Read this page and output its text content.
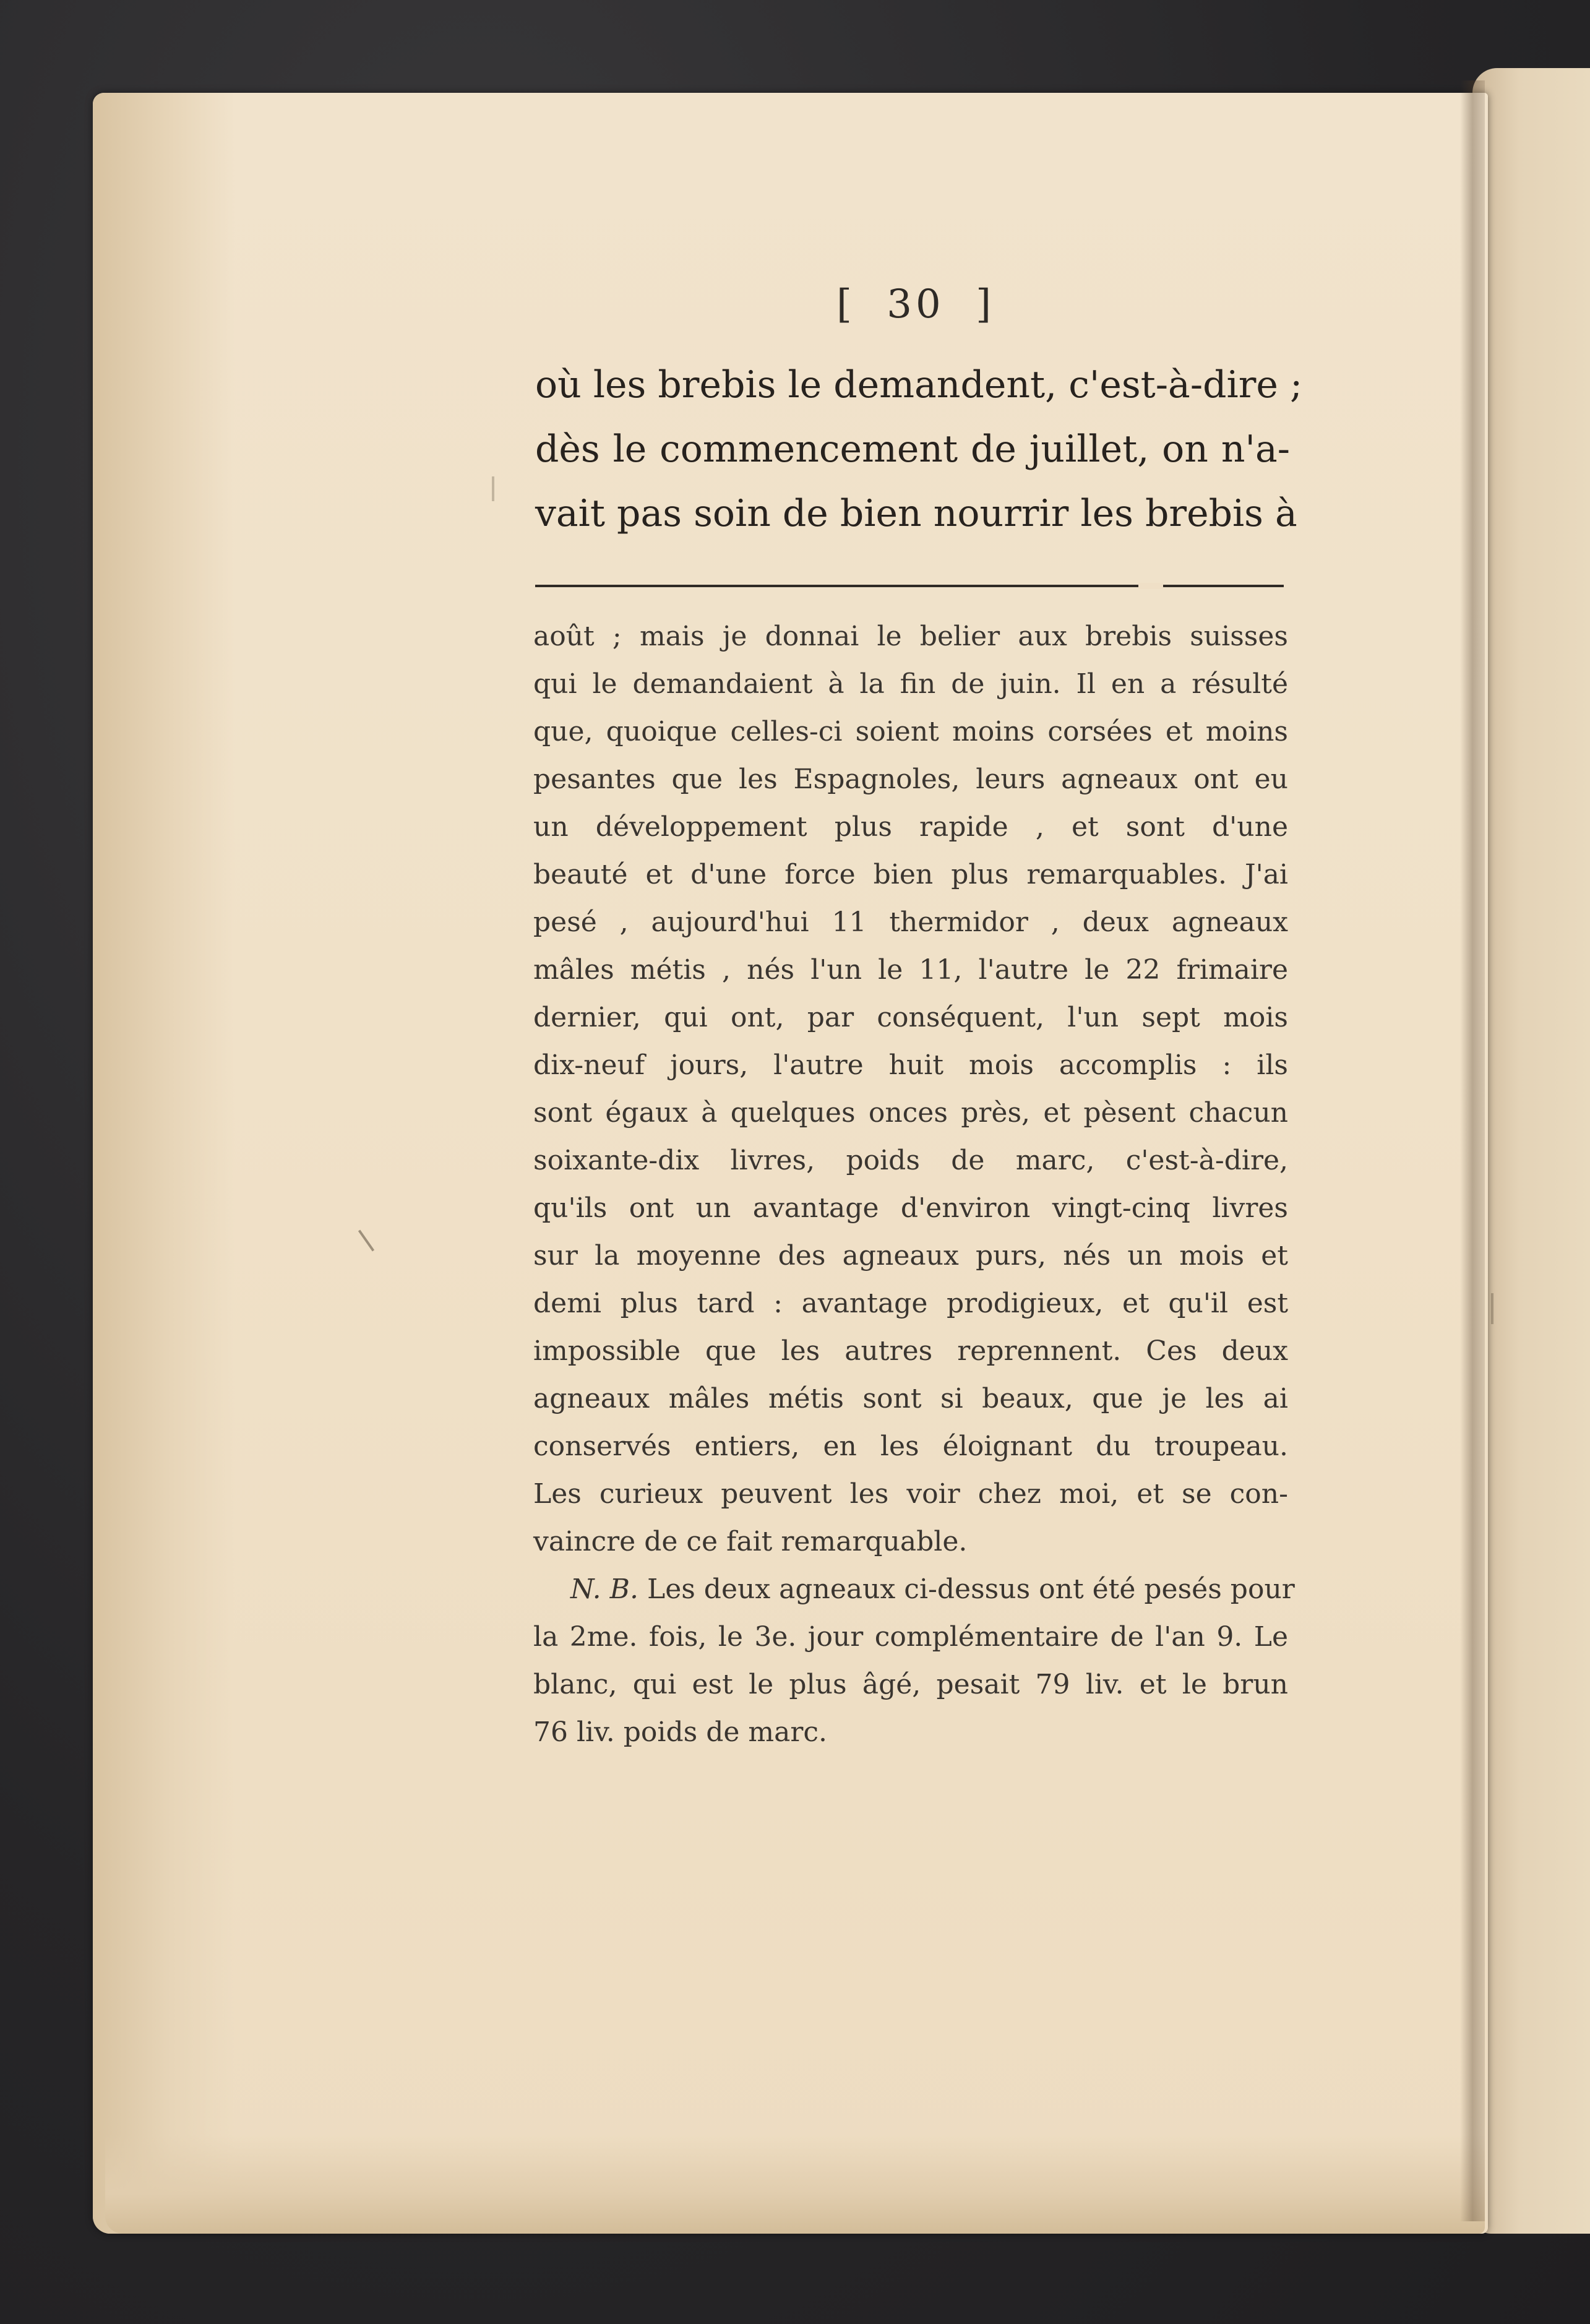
[ 30 ]
où les brebis le demandent, c'est-à-dire ;
dès le commencement de juillet, on n'a-
vait pas soin de bien nourrir les brebis à
août ; mais je donnai le belier aux brebis suisses
qui le demandaient à la fin de juin. Il en a résulté
que, quoique celles-ci soient moins corsées et moins
pesantes que les Espagnoles, leurs agneaux ont eu
un développement plus rapide , et sont d'une
beauté et d'une force bien plus remarquables. J'ai
pesé , aujourd'hui 11 thermidor , deux agneaux
mâles métis , nés l'un le 11, l'autre le 22 frimaire
dernier, qui ont, par conséquent, l'un sept mois
dix-neuf jours, l'autre huit mois accomplis : ils
sont égaux à quelques onces près, et pèsent chacun
soixante-dix livres, poids de marc, c'est-à-dire,
qu'ils ont un avantage d'environ vingt-cinq livres
sur la moyenne des agneaux purs, nés un mois et
demi plus tard : avantage prodigieux, et qu'il est
impossible que les autres reprennent. Ces deux
agneaux mâles métis sont si beaux, que je les ai
conservés entiers, en les éloignant du troupeau.
Les curieux peuvent les voir chez moi, et se con-
vaincre de ce fait remarquable.
N. B. Les deux agneaux ci-dessus ont été pesés pour
la 2me. fois, le 3e. jour complémentaire de l'an 9. Le
blanc, qui est le plus âgé, pesait 79 liv. et le brun
76 liv. poids de marc.
